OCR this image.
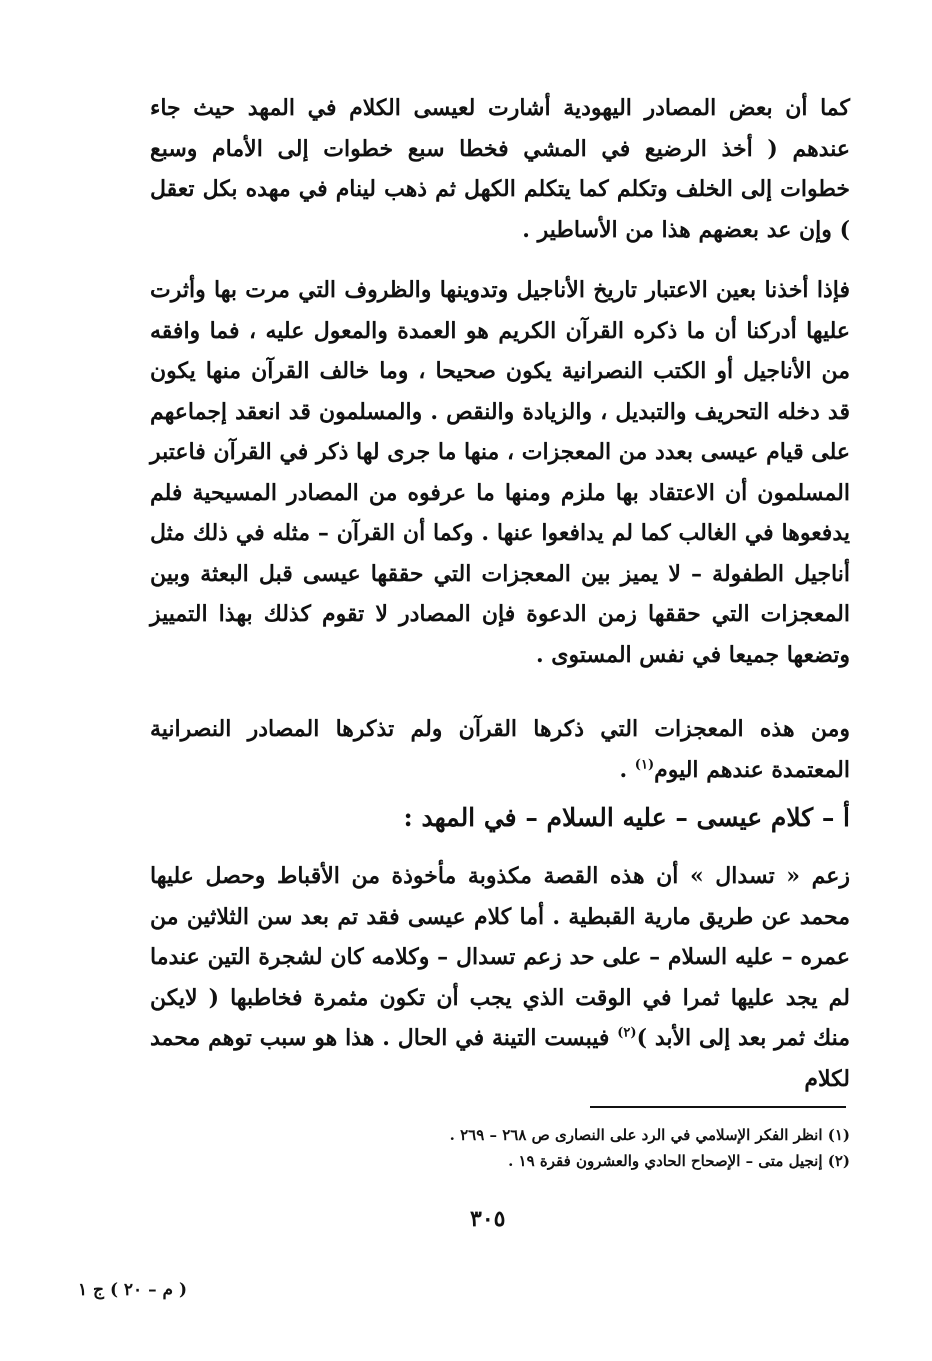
كما أن بعض المصادر اليهودية أشارت لعيسى الكلام في المهد حيث جاء عندهم ( أخذ الرضيع في المشي فخطا سبع خطوات إلى الأمام وسبع خطوات إلى الخلف وتكلم كما يتكلم الكهل ثم ذهب لينام في مهده بكل تعقل ) وإن عد بعضهم هذا من الأساطير .

فإذا أخذنا بعين الاعتبار تاريخ الأناجيل وتدوينها والظروف التي مرت بها وأثرت عليها أدركنا أن ما ذكره القرآن الكريم هو العمدة والمعول عليه ، فما وافقه من الأناجيل أو الكتب النصرانية يكون صحيحا ، وما خالف القرآن منها يكون قد دخله التحريف والتبديل ، والزيادة والنقص . والمسلمون قد انعقد إجماعهم على قيام عيسى بعدد من المعجزات ، منها ما جرى لها ذكر في القرآن فاعتبر المسلمون أن الاعتقاد بها ملزم ومنها ما عرفوه من المصادر المسيحية فلم يدفعوها في الغالب كما لم يدافعوا عنها . وكما أن القرآن – مثله في ذلك مثل أناجيل الطفولة – لا يميز بين المعجزات التي حققها عيسى قبل البعثة وبين المعجزات التي حققها زمن الدعوة فإن المصادر لا تقوم كذلك بهذا التمييز وتضعها جميعا في نفس المستوى .

ومن هذه المعجزات التي ذكرها القرآن ولم تذكرها المصادر النصرانية المعتمدة عندهم اليوم$^{(١)}$ .

أ – كلام عيسى – عليه السلام – في المهد :

زعم « تسدال » أن هذه القصة مكذوبة مأخوذة من الأقباط وحصل عليها محمد عن طريق مارية القبطية . أما كلام عيسى فقد تم بعد سن الثلاثين من عمره – عليه السلام – على حد زعم تسدال – وكلامه كان لشجرة التين عندما لم يجد عليها ثمرا في الوقت الذي يجب أن تكون مثمرة فخاطبها ( لايكن منك ثمر بعد إلى الأبد )$^{(٢)}$ فيبست التينة في الحال . هذا هو سبب توهم محمد لكلام

(١) انظر الفكر الإسلامي في الرد على النصارى ص ٢٦٨ – ٢٦٩ .
(٢) إنجيل متى – الإصحاح الحادي والعشرون فقرة ١٩ .
٣٠٥
( م – ٢٠ ) ج ١
